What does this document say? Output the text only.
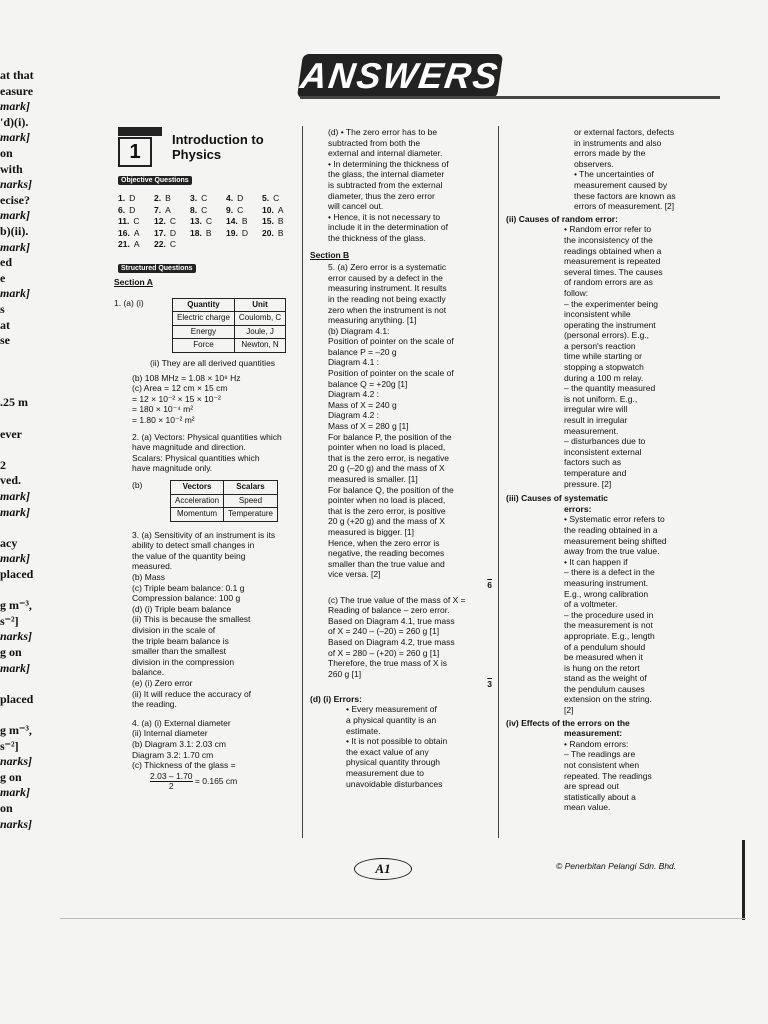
at that
easure
mark]
'd)(i).
mark]
on
with
narks]
ecise?
mark]
b)(ii).
mark]
ed
e
mark]
s
at
se
.25 m
ever
2
ved.
mark]
mark]
acy
mark]
placed
g m⁻³,
s⁻²]
narks]
g on
mark]
placed
g m⁻³,
s⁻²]
narks]
g on
mark]
on
narks]
ANSWERS
1
Introduction to
Physics
Objective Questions
1. D	2. B	3. C	4. D	5. C
6. D	7. A	8. C	9. C	10. A
11. C	12. C	13. C	14. B	15. B
16. A	17. D	18. B	19. D	20. B
21. A	22. C
Structured Questions

Section A

1. (a) (i)	Quantity	Unit
Electric charge	Coulomb, C
Energy	Joule, J
Force	Newton, N

(ii) They are all derived quantities

(b) 108 MHz = 1.08 × 10⁸ Hz

(c) Area = 12 cm × 15 cm

= 12 × 10⁻² × 15 × 10⁻²

= 180 × 10⁻⁴ m²

= 1.80 × 10⁻² m²

2. (a) Vectors: Physical quantities which

have magnitude and direction.

Scalars: Physical quantities which

have magnitude only.

(b)	Vectors	Scalars
Acceleration	Speed
Momentum	Temperature

3. (a) Sensitivity of an instrument is its

ability to detect small changes in

the value of the quantity being

measured.

(b) Mass

(c) Triple beam balance: 0.1 g

Compression balance: 100 g

(d) (i) Triple beam balance

(ii) This is because the smallest

division in the scale of

the triple beam balance is

smaller than the smallest

division in the compression

balance.

(e) (i) Zero error

(ii) It will reduce the accuracy of

the reading.

4. (a) (i) External diameter

(ii) Internal diameter

(b) Diagram 3.1: 2.03 cm

Diagram 3.2: 1.70 cm

(c) Thickness of the glass =

$\frac{2.03 - 1.70}{2} = 0.165$ cm

(d) • The zero error has to be

subtracted from both the

external and internal diameter.

• In determining the thickness of

the glass, the internal diameter

is subtracted from the external

diameter, thus the zero error

will cancel out.

• Hence, it is not necessary to

include it in the determination of

the thickness of the glass.

Section B

5. (a) Zero error is a systematic

error caused by a defect in the

measuring instrument. It results

in the reading not being exactly

zero when the instrument is not

measuring anything. [1]

(b) Diagram 4.1:

Position of pointer on the scale of

balance P = –20 g

Diagram 4.1 :

Position of pointer on the scale of

balance Q = +20g [1]

Diagram 4.2 :

Mass of X = 240 g

Diagram 4.2 :

Mass of X = 280 g [1]

For balance P, the position of the

pointer when no load is placed,

that is the zero error, is negative

20 g (–20 g) and the mass of X

measured is smaller. [1]

For balance Q, the position of the

pointer when no load is placed,

that is the zero error, is positive

20 g (+20 g) and the mass of X

measured is bigger. [1]

Hence, when the zero error is

negative, the reading becomes

smaller than the true value and

vice versa. [2]

6

(c) The true value of the mass of X =

Reading of balance – zero error.

Based on Diagram 4.1, true mass

of X = 240 – (–20) = 260 g [1]

Based on Diagram 4.2, true mass

of X = 280 – (+20) = 260 g [1]

Therefore, the true mass of X is

260 g [1]

3

(d) (i) Errors:

• Every measurement of

a physical quantity is an

estimate.

• It is not possible to obtain

the exact value of any

physical quantity through

measurement due to

unavoidable disturbances

or external factors, defects

in instruments and also

errors made by the

observers.

• The uncertainties of

measurement caused by

these factors are known as

errors of measurement. [2]

(ii) Causes of random error:

• Random error refer to

the inconsistency of the

readings obtained when a

measurement is repeated

several times. The causes

of random errors are as

follow:

– the experimenter being

inconsistent while

operating the instrument

(personal errors). E.g.,

a person's reaction

time while starting or

stopping a stopwatch

during a 100 m relay.

– the quantity measured

is not uniform. E.g.,

irregular wire will

result in irregular

measurement.

– disturbances due to

inconsistent external

factors such as

temperature and

pressure. [2]

(iii) Causes of systematic

errors:

• Systematic error refers to

the reading obtained in a

measurement being shifted

away from the true value.

• It can happen if

– there is a defect in the

measuring instrument.

E.g., wrong calibration

of a voltmeter.

– the procedure used in

the measurement is not

appropriate. E.g., length

of a pendulum should

be measured when it

is hung on the retort

stand as the weight of

the pendulum causes

extension on the string.

[2]

(iv) Effects of the errors on the

measurement:

• Random errors:

– The readings are

not consistent when

repeated. The readings

are spread out

statistically about a

mean value.

A1	© Penerbitan Pelangi Sdn. Bhd.
